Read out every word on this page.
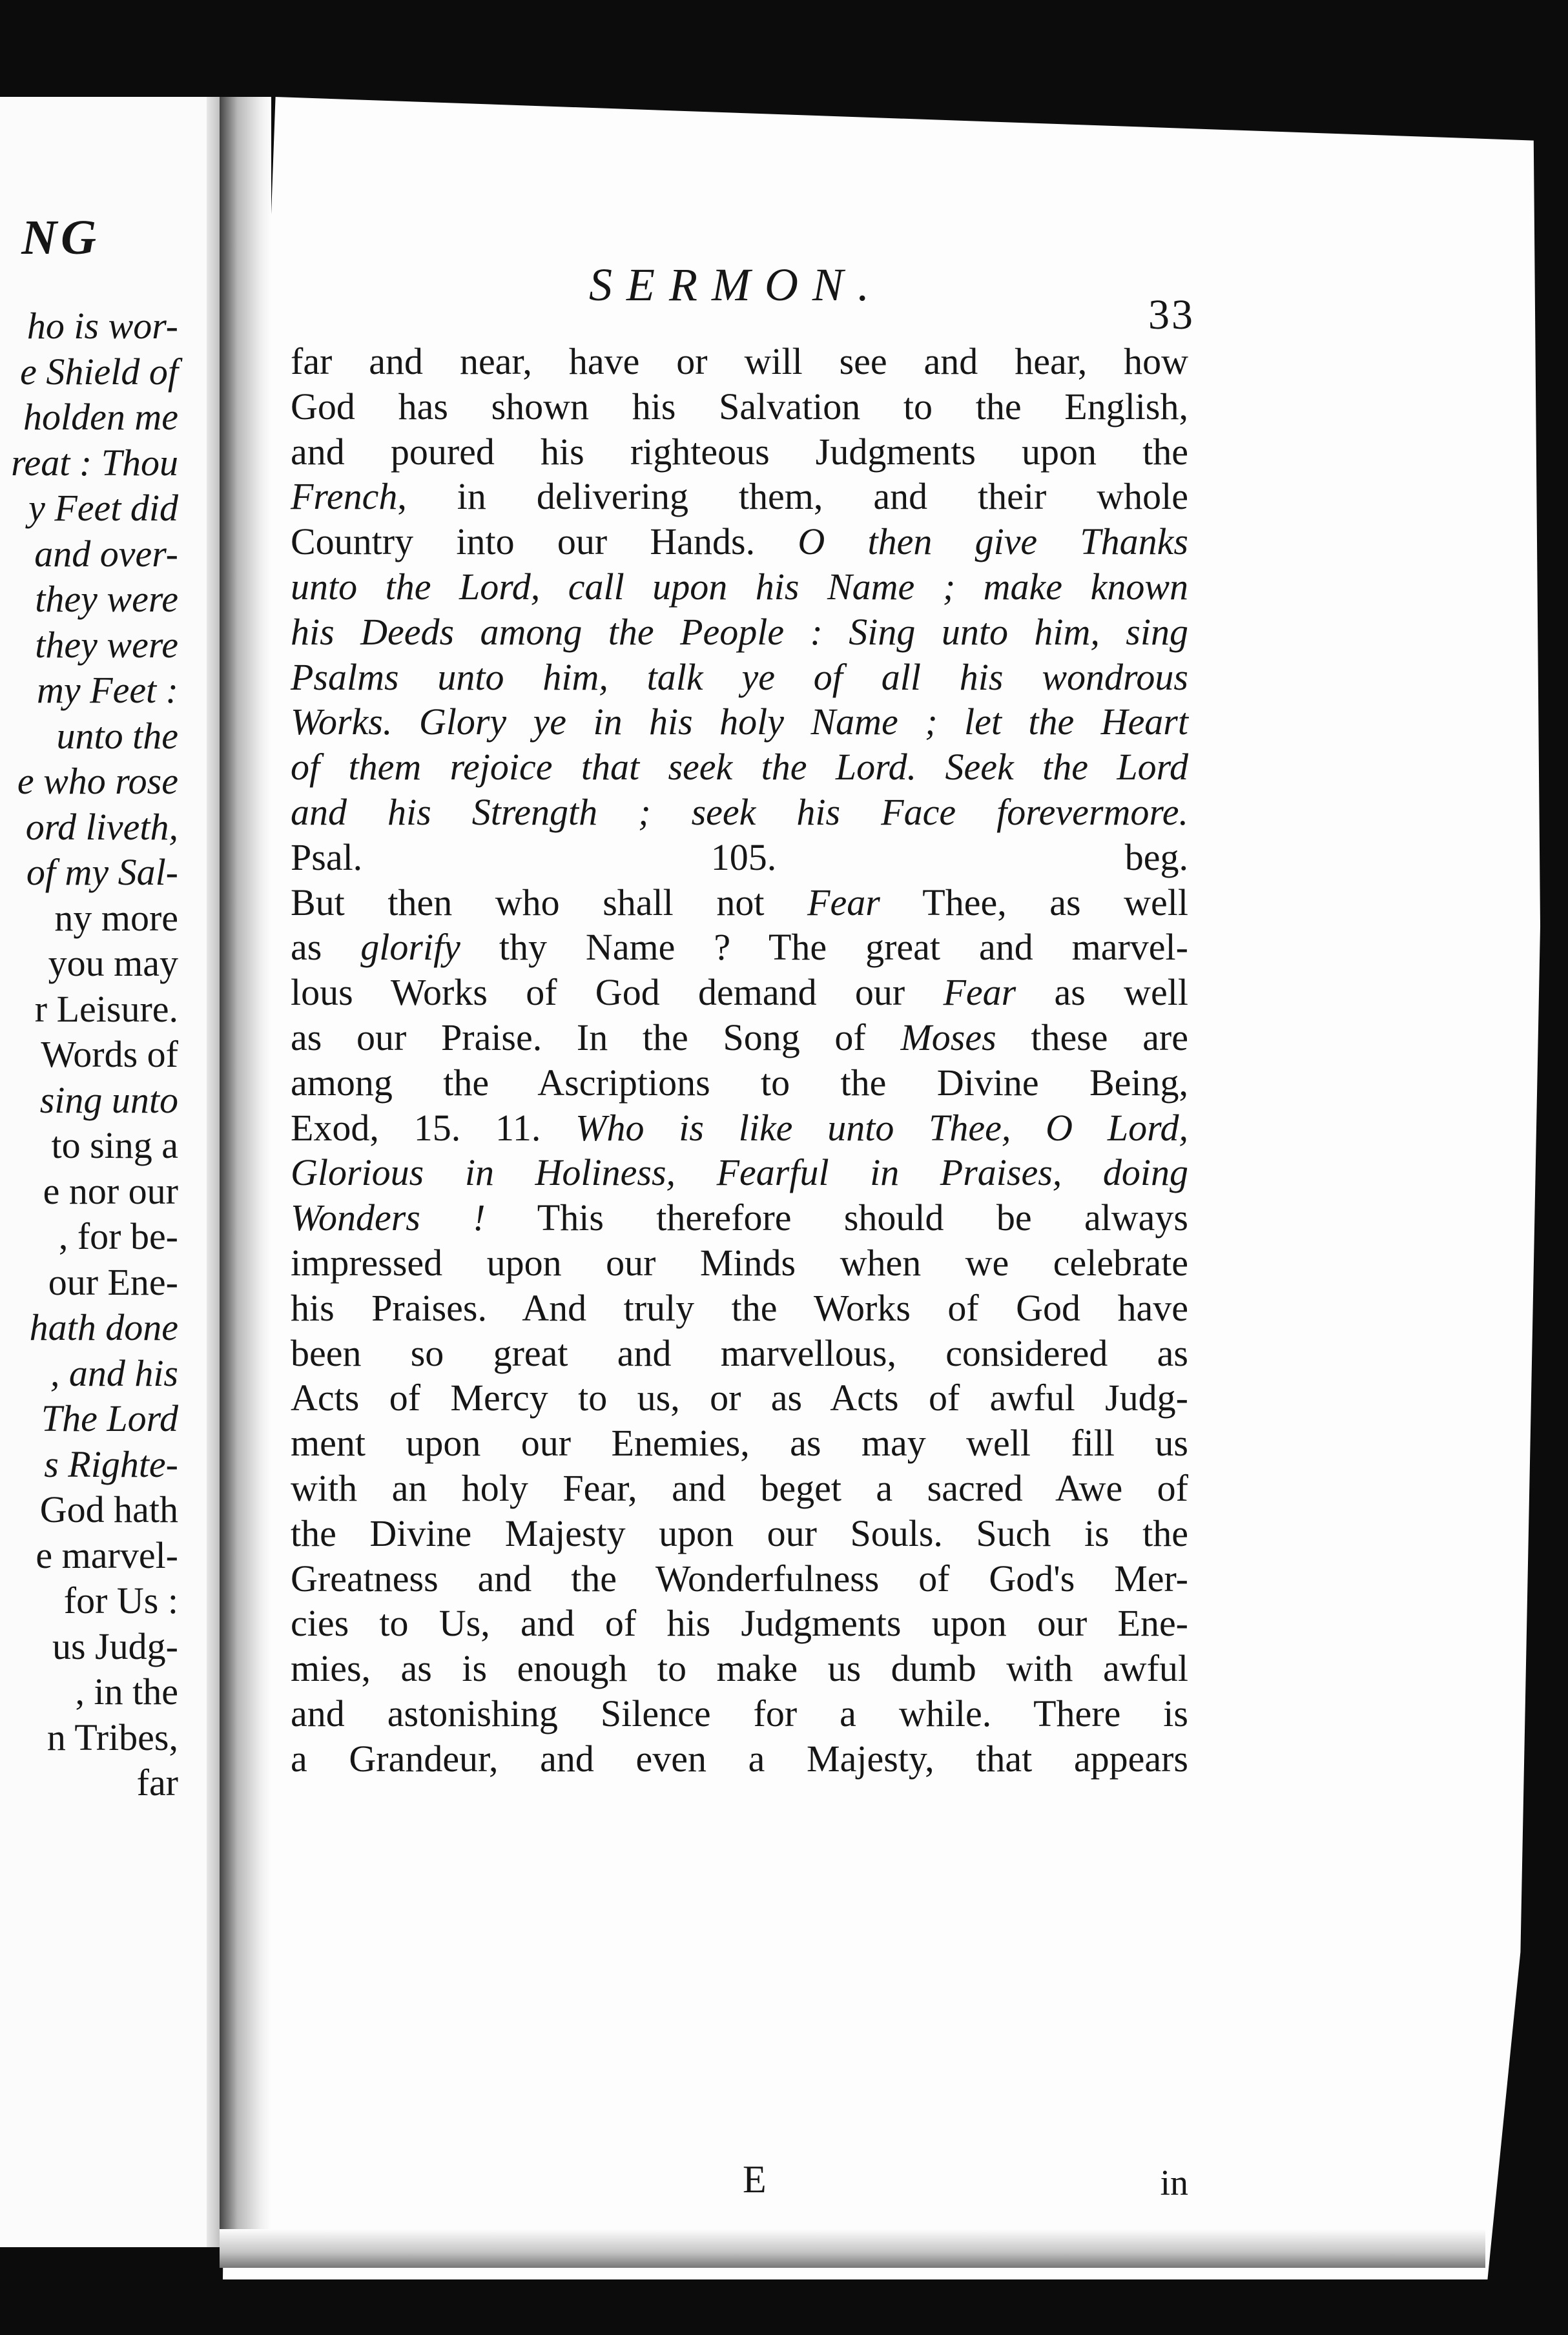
NG
ho is wor-
e Shield of
holden me
reat : Thou
y Feet did
and over-
they were
they were
my Feet :
unto the
e who rose
ord liveth,
of my Sal-
ny more
you may
r Leisure.
Words of
sing unto
to sing a
e nor our
, for be-
our Ene-
hath done
, and his
The Lord
s Righte-
God hath
e marvel-
for Us :
us Judg-
, in the
n Tribes,
far
SERMON.
33
far and near, have or will see and hear, how
God has shown his Salvation to the English,
and poured his righteous Judgments upon the
French, in delivering them, and their whole
Country into our Hands. O then give Thanks
unto the Lord, call upon his Name ; make known
his Deeds among the People : Sing unto him, sing
Psalms unto him, talk ye of all his wondrous
Works. Glory ye in his holy Name ; let the Heart
of them rejoice that seek the Lord. Seek the Lord
and his Strength ; seek his Face forevermore.
Psal. 105. beg.
But then who shall not Fear Thee, as well
as glorify thy Name ? The great and marvel-
lous Works of God demand our Fear as well
as our Praise. In the Song of Moses these are
among the Ascriptions to the Divine Being,
Exod, 15. 11. Who is like unto Thee, O Lord,
Glorious in Holiness, Fearful in Praises, doing
Wonders ! This therefore should be always
impressed upon our Minds when we celebrate
his Praises. And truly the Works of God have
been so great and marvellous, considered as
Acts of Mercy to us, or as Acts of awful Judg-
ment upon our Enemies, as may well fill us
with an holy Fear, and beget a sacred Awe of
the Divine Majesty upon our Souls. Such is the
Greatness and the Wonderfulness of God's Mer-
cies to Us, and of his Judgments upon our Ene-
mies, as is enough to make us dumb with awful
and astonishing Silence for a while. There is
a Grandeur, and even a Majesty, that appears
E	in
